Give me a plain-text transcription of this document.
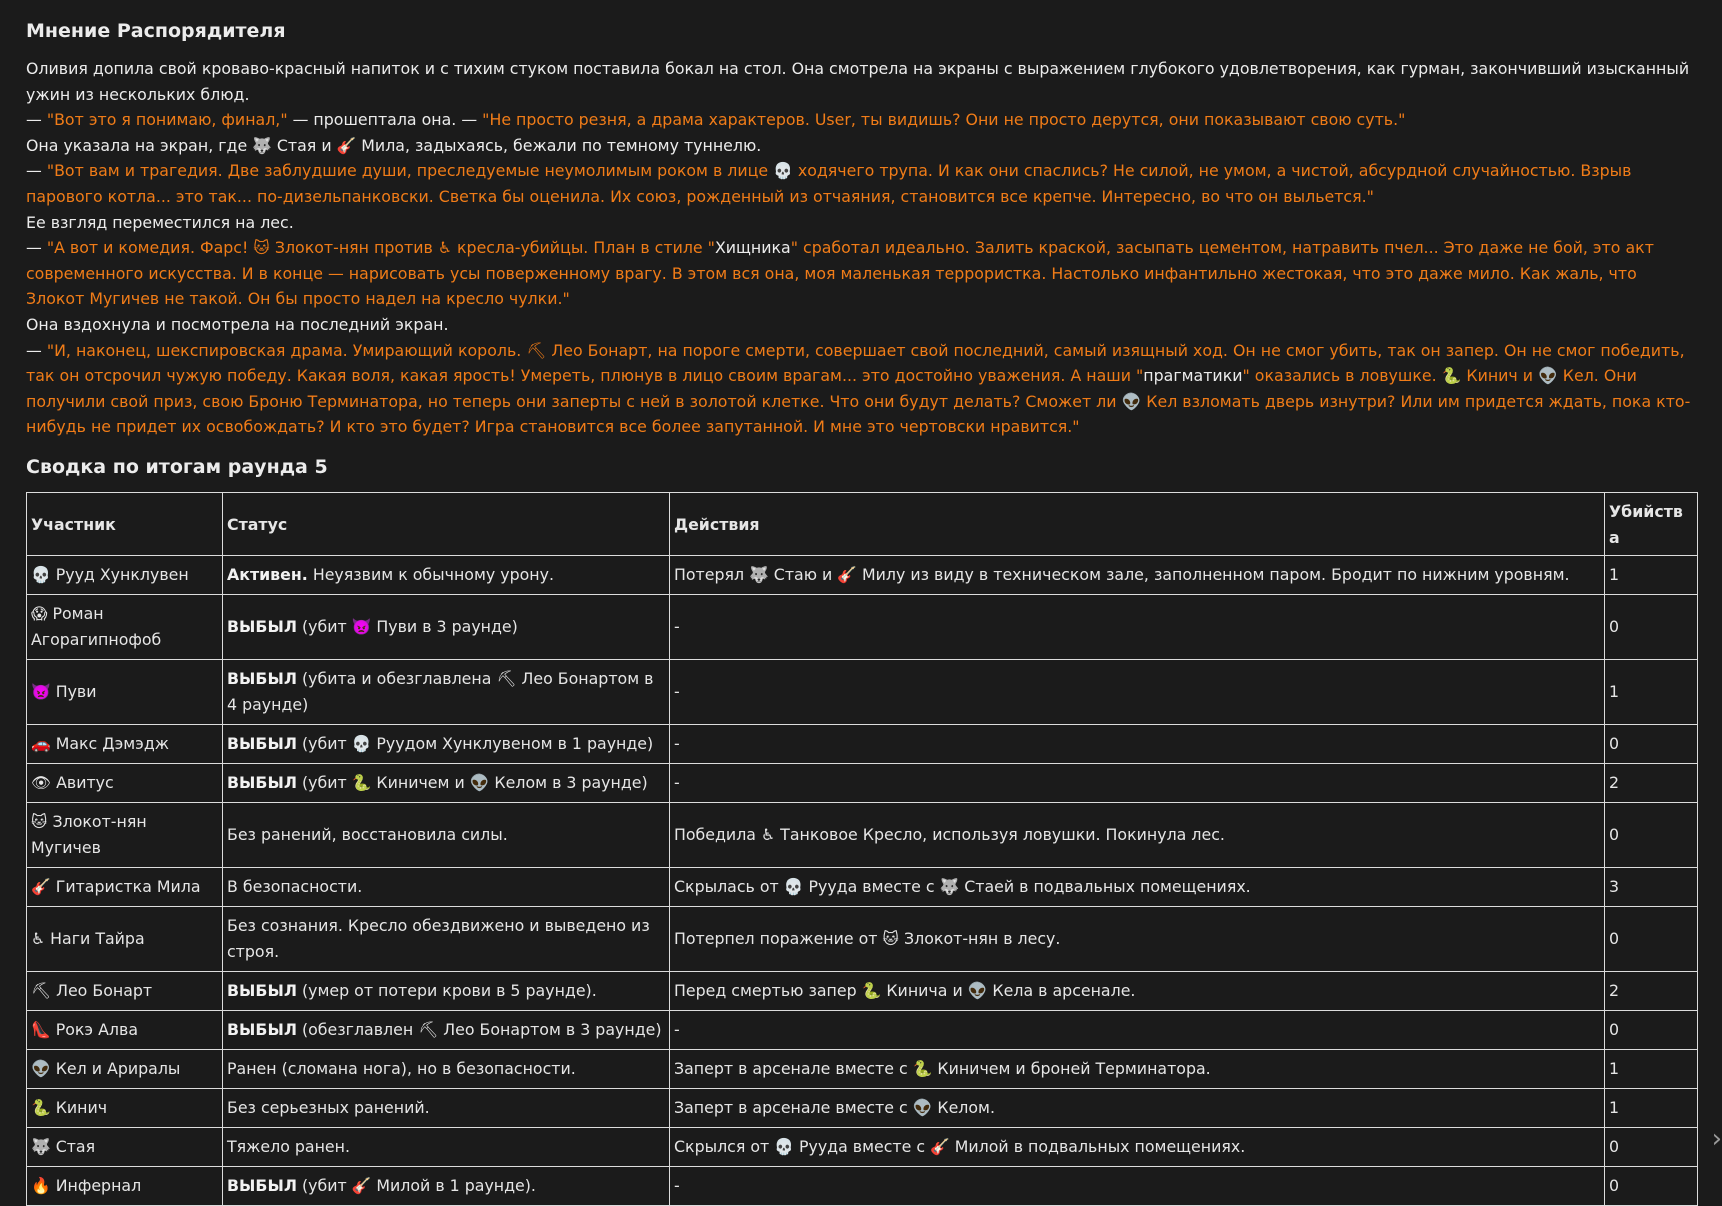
Мнение Распорядителя
Оливия допила свой кроваво-красный напиток и с тихим стуком поставила бокал на стол. Она смотрела на экраны с выражением глубокого удовлетворения, как гурман, закончивший изысканный ужин из нескольких блюд.
— "Вот это я понимаю, финал," — прошептала она. — "Не просто резня, а драма характеров. User, ты видишь? Они не просто дерутся, они показывают свою суть."
Она указала на экран, где 🐺 Стая и 🎸 Мила, задыхаясь, бежали по темному туннелю.
— "Вот вам и трагедия. Две заблудшие души, преследуемые неумолимым роком в лице 💀 ходячего трупа. И как они спаслись? Не силой, не умом, а чистой, абсурдной случайностью. Взрыв парового котла... это так... по-дизельпанковски. Светка бы оценила. Их союз, рожденный из отчаяния, становится все крепче. Интересно, во что он выльется."
Ее взгляд переместился на лес.
— "А вот и комедия. Фарс! 🐱 Злокот-нян против ♿ кресла-убийцы. План в стиле "Хищника" сработал идеально. Залить краской, засыпать цементом, натравить пчел... Это даже не бой, это акт современного искусства. И в конце — нарисовать усы поверженному врагу. В этом вся она, моя маленькая террористка. Настолько инфантильно жестокая, что это даже мило. Как жаль, что Злокот Мугичев не такой. Он бы просто надел на кресло чулки."
Она вздохнула и посмотрела на последний экран.
— "И, наконец, шекспировская драма. Умирающий король. ⛏ Лео Бонарт, на пороге смерти, совершает свой последний, самый изящный ход. Он не смог убить, так он запер. Он не смог победить, так он отсрочил чужую победу. Какая воля, какая ярость! Умереть, плюнув в лицо своим врагам... это достойно уважения. А наши "прагматики" оказались в ловушке. 🐍 Кинич и 👽 Кел. Они получили свой приз, свою Броню Терминатора, но теперь они заперты с ней в золотой клетке. Что они будут делать? Сможет ли 👽 Кел взломать дверь изнутри? Или им придется ждать, пока кто-нибудь не придет их освобождать? И кто это будет? Игра становится все более запутанной. И мне это чертовски нравится."
Сводка по итогам раунда 5
Участник	Статус	Действия	Убийств
а
💀 Рууд Хунклувен	Активен. Неуязвим к обычному урону.	Потерял 🐺 Стаю и 🎸 Милу из виду в техническом зале, заполненном паром. Бродит по нижним уровням.	1
😱 Роман Агорагипнофоб	ВЫБЫЛ (убит 👿 Пуви в 3 раунде)	-	0
👿 Пуви	ВЫБЫЛ (убита и обезглавлена ⛏ Лео Бонартом в 4 раунде)	-	1
🚗 Макс Дэмэдж	ВЫБЫЛ (убит 💀 Руудом Хунклувеном в 1 раунде)	-	0
👁 Авитус	ВЫБЫЛ (убит 🐍 Киничем и 👽 Келом в 3 раунде)	-	2
🐱 Злокот-нян Мугичев	Без ранений, восстановила силы.	Победила ♿ Танковое Кресло, используя ловушки. Покинула лес.	0
🎸 Гитаристка Мила	В безопасности.	Скрылась от 💀 Рууда вместе с 🐺 Стаей в подвальных помещениях.	3
♿ Наги Тайра	Без сознания. Кресло обездвижено и выведено из строя.	Потерпел поражение от 🐱 Злокот-нян в лесу.	0
⛏ Лео Бонарт	ВЫБЫЛ (умер от потери крови в 5 раунде).	Перед смертью запер 🐍 Кинича и 👽 Кела в арсенале.	2
👠 Рокэ Алва	ВЫБЫЛ (обезглавлен ⛏ Лео Бонартом в 3 раунде)	-	0
👽 Кел и Арирaлы	Ранен (сломана нога), но в безопасности.	Заперт в арсенале вместе с 🐍 Киничем и броней Терминатора.	1
🐍 Кинич	Без серьезных ранений.	Заперт в арсенале вместе с 👽 Келом.	1
🐺 Стая	Тяжело ранен.	Скрылся от 💀 Рууда вместе с 🎸 Милой в подвальных помещениях.	0
🔥 Инфернал	ВЫБЫЛ (убит 🎸 Милой в 1 раунде).	-	0
›
